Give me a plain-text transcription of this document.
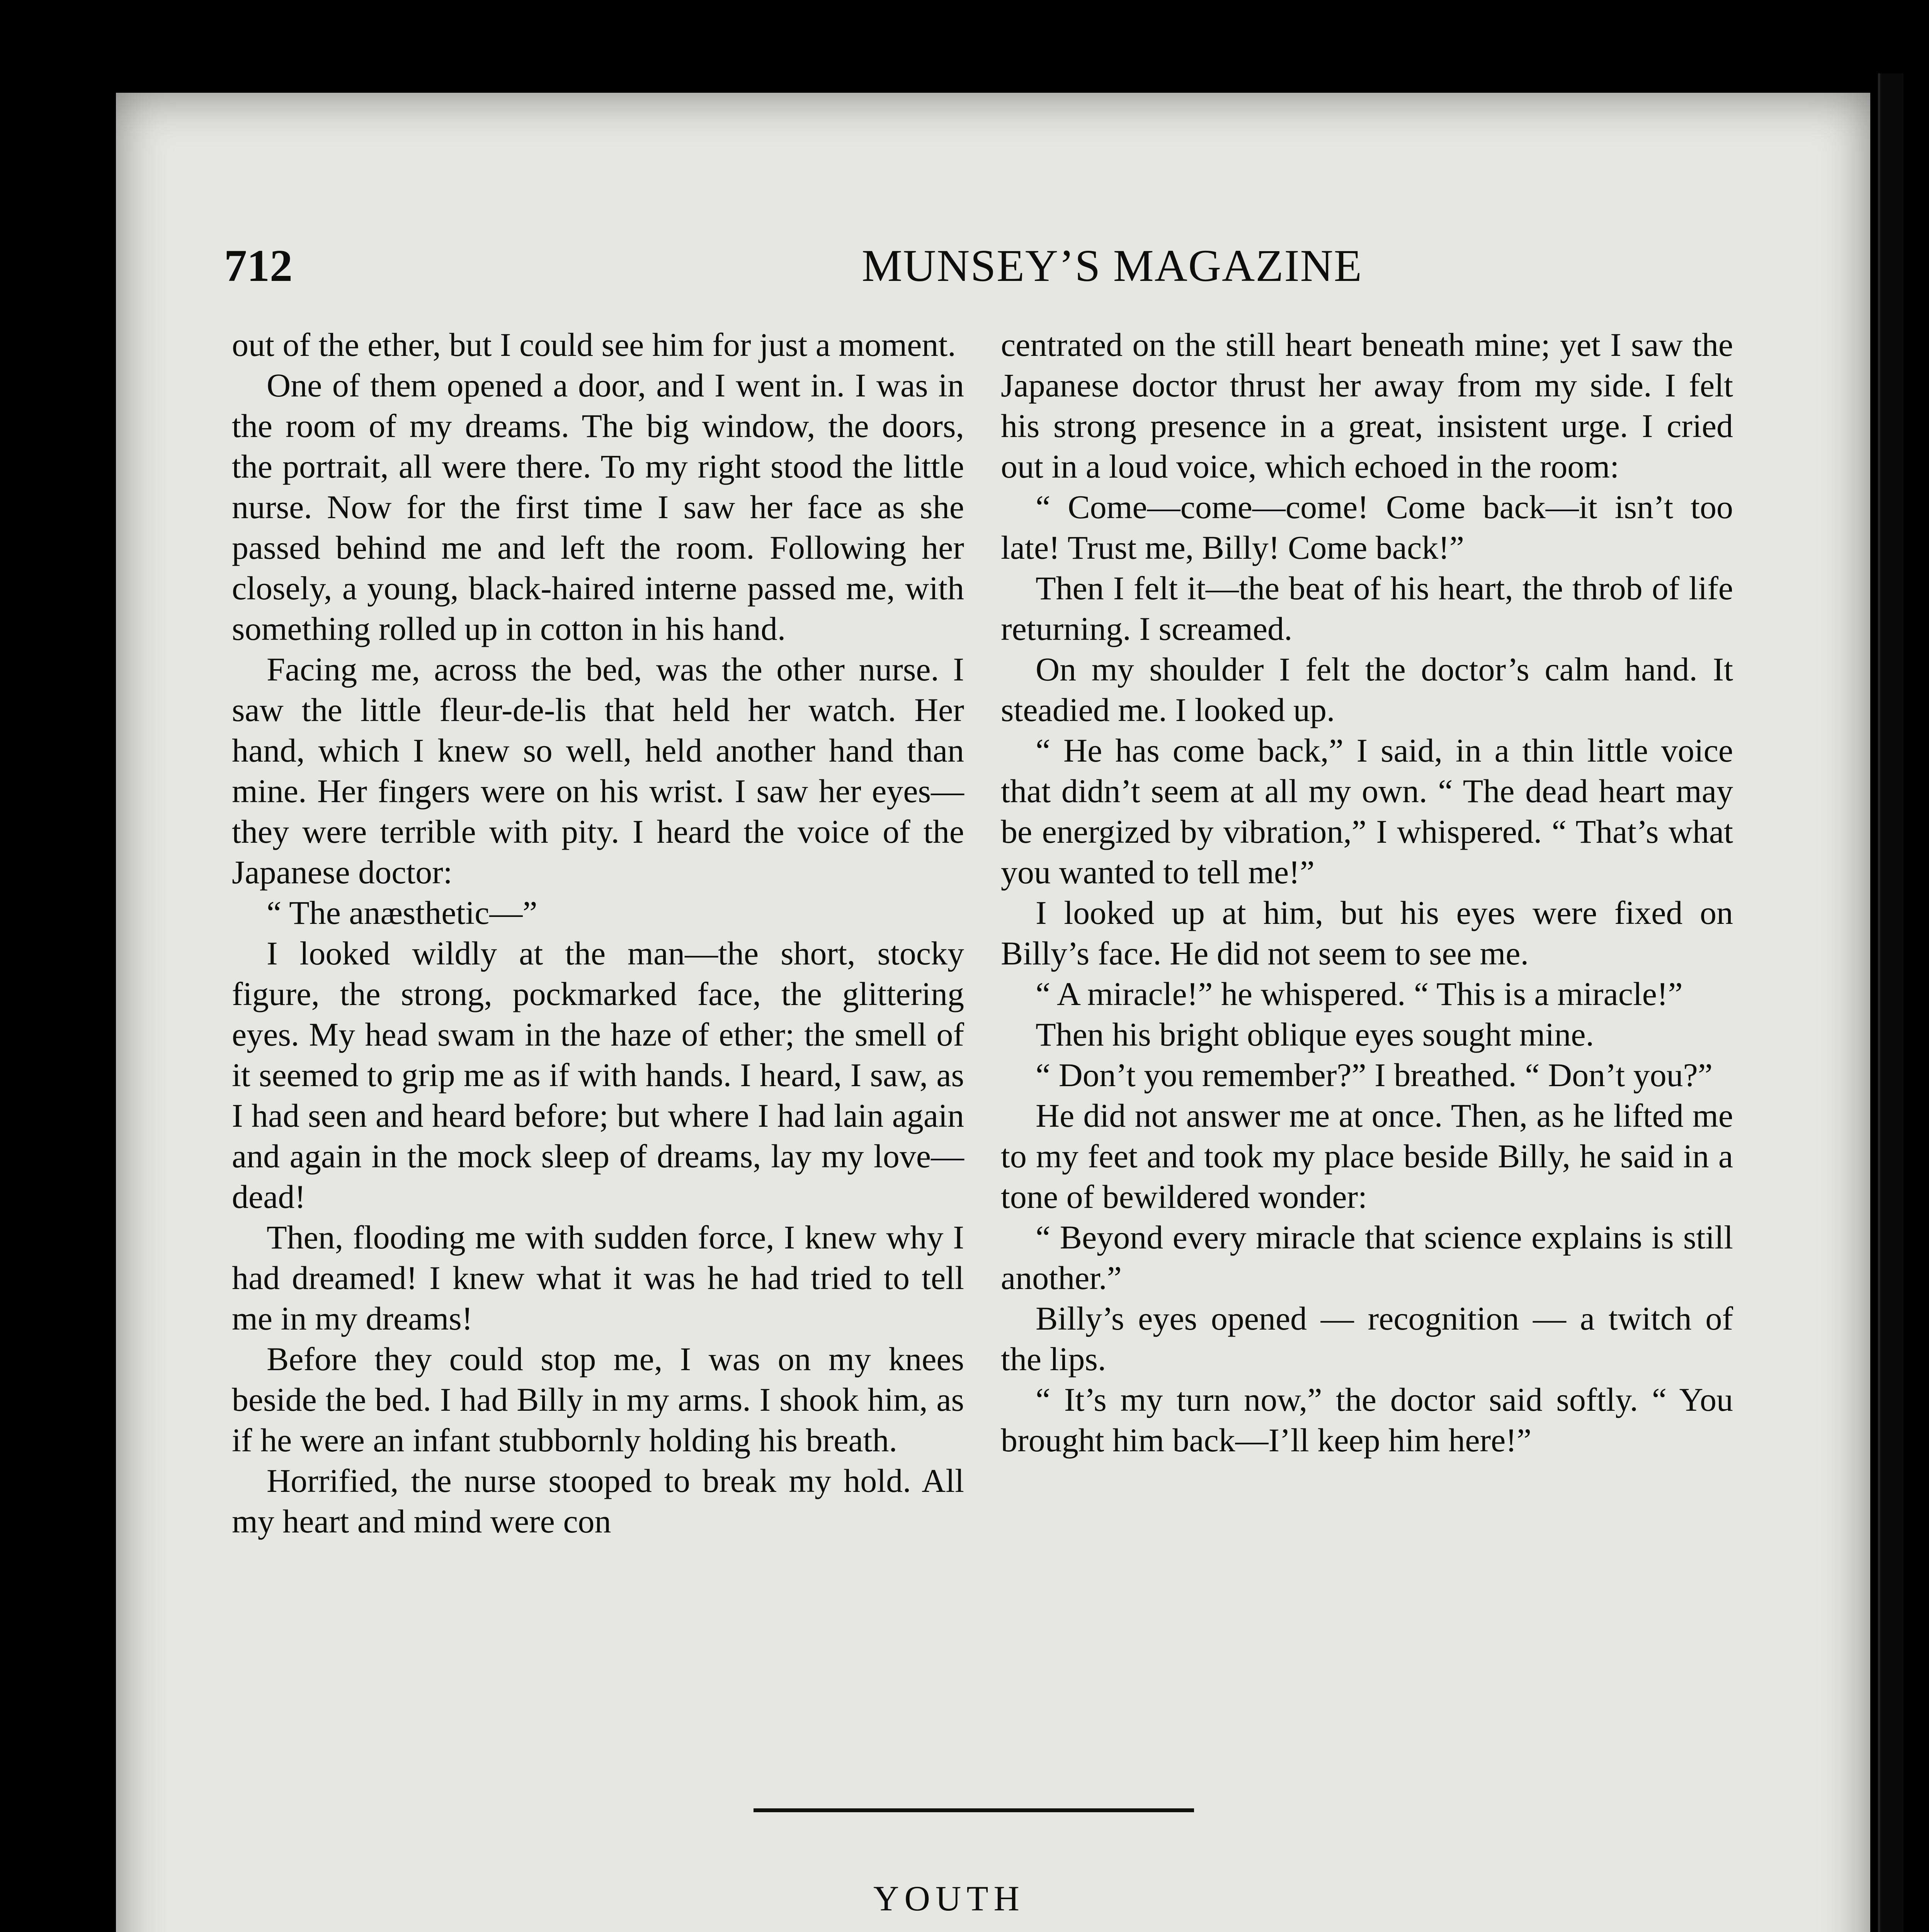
712	MUNSEY’S MAGAZINE

out of the ether, but I could see him for just a moment.

One of them opened a door, and I went in. I was in the room of my dreams. The big window, the doors, the portrait, all were there. To my right stood the little nurse. Now for the first time I saw her face as she passed behind me and left the room. Following her closely, a young, black-haired interne passed me, with something rolled up in cotton in his hand.

Facing me, across the bed, was the other nurse. I saw the little fleur-de-lis that held her watch. Her hand, which I knew so well, held another hand than mine. Her fingers were on his wrist. I saw her eyes— they were terrible with pity. I heard the voice of the Japanese doctor:

“ The anæsthetic—”

I looked wildly at the man—the short, stocky figure, the strong, pockmarked face, the glittering eyes. My head swam in the haze of ether; the smell of it seemed to grip me as if with hands. I heard, I saw, as I had seen and heard before; but where I had lain again and again in the mock sleep of dreams, lay my love—dead!

Then, flooding me with sudden force, I knew why I had dreamed! I knew what it was he had tried to tell me in my dreams!

Before they could stop me, I was on my knees beside the bed. I had Billy in my arms. I shook him, as if he were an infant stubbornly holding his breath.

Horrified, the nurse stooped to break my hold. All my heart and mind were con

centrated on the still heart beneath mine; yet I saw the Japanese doctor thrust her away from my side. I felt his strong presence in a great, insistent urge. I cried out in a loud voice, which echoed in the room:

“ Come—come—come! Come back—it isn’t too late! Trust me, Billy! Come back!”

Then I felt it—the beat of his heart, the throb of life returning. I screamed.

On my shoulder I felt the doctor’s calm hand. It steadied me. I looked up.

“ He has come back,” I said, in a thin little voice that didn’t seem at all my own. “ The dead heart may be energized by vibration,” I whispered. “ That’s what you wanted to tell me!”

I looked up at him, but his eyes were fixed on Billy’s face. He did not seem to see me.

“ A miracle!” he whispered. “ This is a miracle!”

Then his bright oblique eyes sought mine.

“ Don’t you remember?” I breathed. “ Don’t you?”

He did not answer me at once. Then, as he lifted me to my feet and took my place beside Billy, he said in a tone of bewildered wonder:

“ Beyond every miracle that science explains is still another.”

Billy’s eyes opened — recognition — a twitch of the lips.

“ It’s my turn now,” the doctor said softly. “ You brought him back—I’ll keep him here!”

YOUTH
